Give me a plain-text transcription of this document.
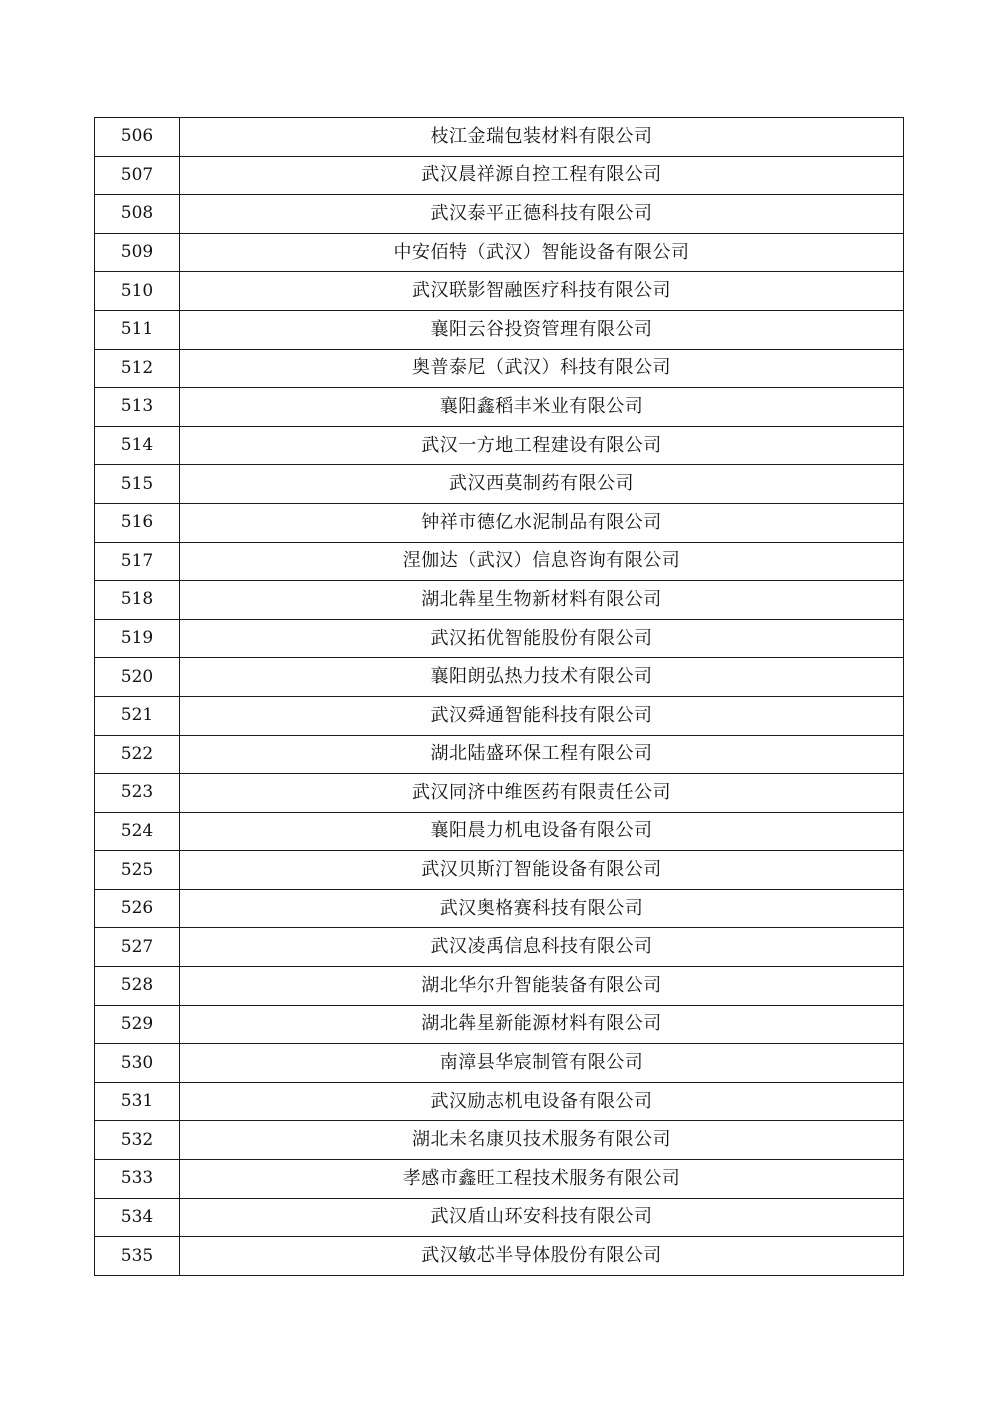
506	枝江金瑞包装材料有限公司
507	武汉晨祥源自控工程有限公司
508	武汉泰平正德科技有限公司
509	中安佰特（武汉）智能设备有限公司
510	武汉联影智融医疗科技有限公司
511	襄阳云谷投资管理有限公司
512	奥普泰尼（武汉）科技有限公司
513	襄阳鑫稻丰米业有限公司
514	武汉一方地工程建设有限公司
515	武汉西莫制药有限公司
516	钟祥市德亿水泥制品有限公司
517	涅伽达（武汉）信息咨询有限公司
518	湖北犇星生物新材料有限公司
519	武汉拓优智能股份有限公司
520	襄阳朗弘热力技术有限公司
521	武汉舜通智能科技有限公司
522	湖北陆盛环保工程有限公司
523	武汉同济中维医药有限责任公司
524	襄阳晨力机电设备有限公司
525	武汉贝斯汀智能设备有限公司
526	武汉奥格赛科技有限公司
527	武汉凌禹信息科技有限公司
528	湖北华尔升智能装备有限公司
529	湖北犇星新能源材料有限公司
530	南漳县华宸制管有限公司
531	武汉励志机电设备有限公司
532	湖北未名康贝技术服务有限公司
533	孝感市鑫旺工程技术服务有限公司
534	武汉盾山环安科技有限公司
535	武汉敏芯半导体股份有限公司
